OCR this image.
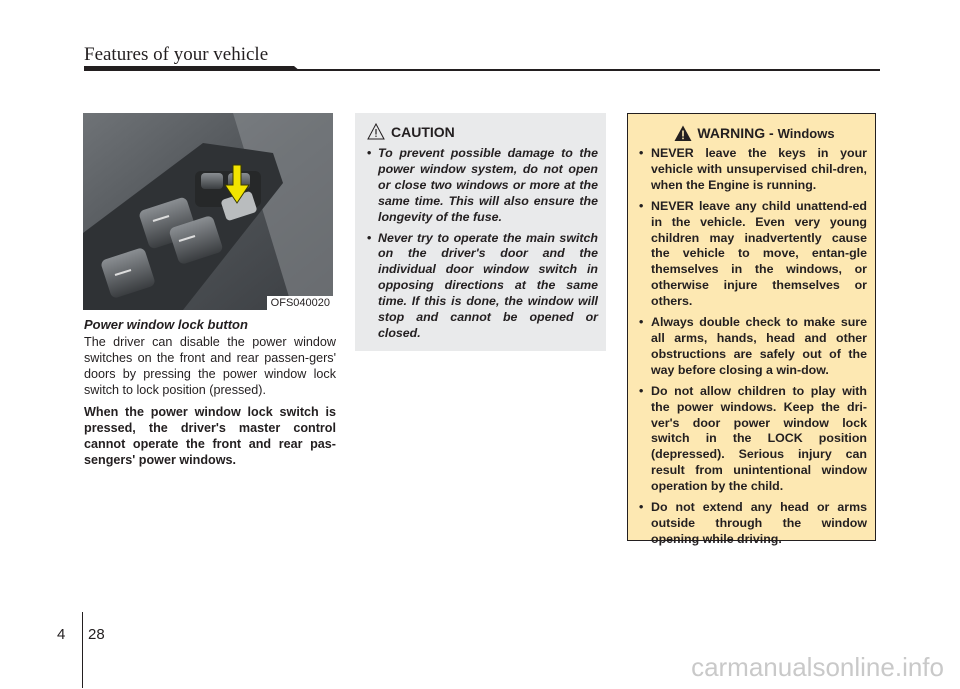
Features of your vehicle
OFS040020
Power window lock button

The driver can disable the power window switches on the front and rear passen-gers' doors by pressing the power window lock switch to lock position (pressed).

When the power window lock switch is pressed, the driver's master control cannot operate the front and rear pas-sengers' power windows.

CAUTION
• To prevent possible damage to the power window system, do not open or close two windows or more at the same time. This will also ensure the longevity of the fuse.
• Never try to operate the main switch on the driver's door and the individual door window switch in opposing directions at the same time. If this is done, the window will stop and cannot be opened or closed.
WARNING - Windows
• NEVER leave the keys in your vehicle with unsupervised chil-dren, when the Engine is running.
• NEVER leave any child unattend-ed in the vehicle. Even very young children may inadvertently cause the vehicle to move, entan-gle themselves in the windows, or otherwise injure themselves or others.
• Always double check to make sure all arms, hands, head and other obstructions are safely out of the way before closing a win-dow.
• Do not allow children to play with the power windows. Keep the dri-ver's door power window lock switch in the LOCK position (depressed). Serious injury can result from unintentional window operation by the child.
• Do not extend any head or arms outside through the window opening while driving.
4 28
carmanualsonline.info
